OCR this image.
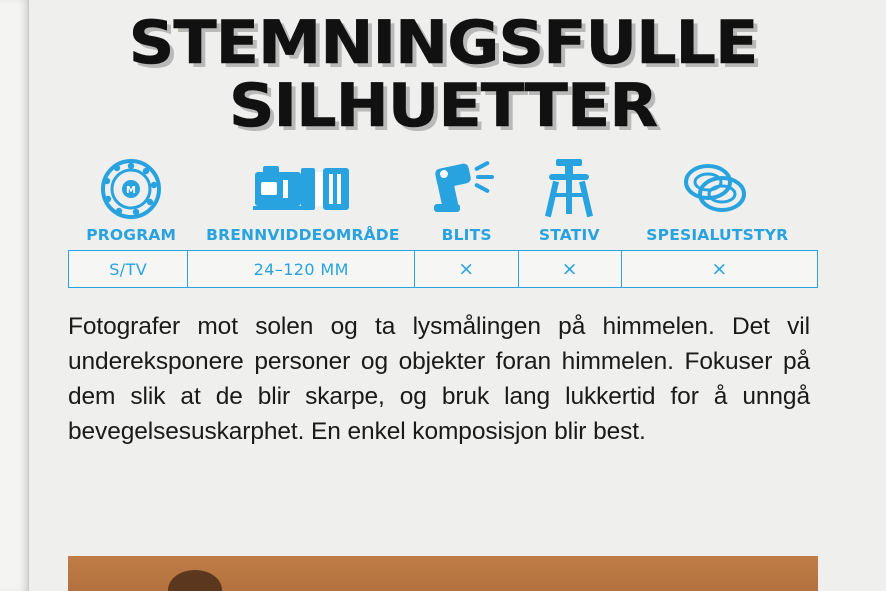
STEMNINGSFULLE
SILHUETTER
M
PROGRAM	BRENNVIDDEOMRÅDE	BLITS	STATIV	SPESIALUTSTYR
S/TV	24–120 MM	×	×	×
Fotografer mot solen og ta lysmålingen på himmelen. Det vil undereksponere personer og objekter foran himmelen. Fokuser på dem slik at de blir skarpe, og bruk lang lukkertid for å unngå bevegelsesuskarphet. En enkel komposisjon blir best.
